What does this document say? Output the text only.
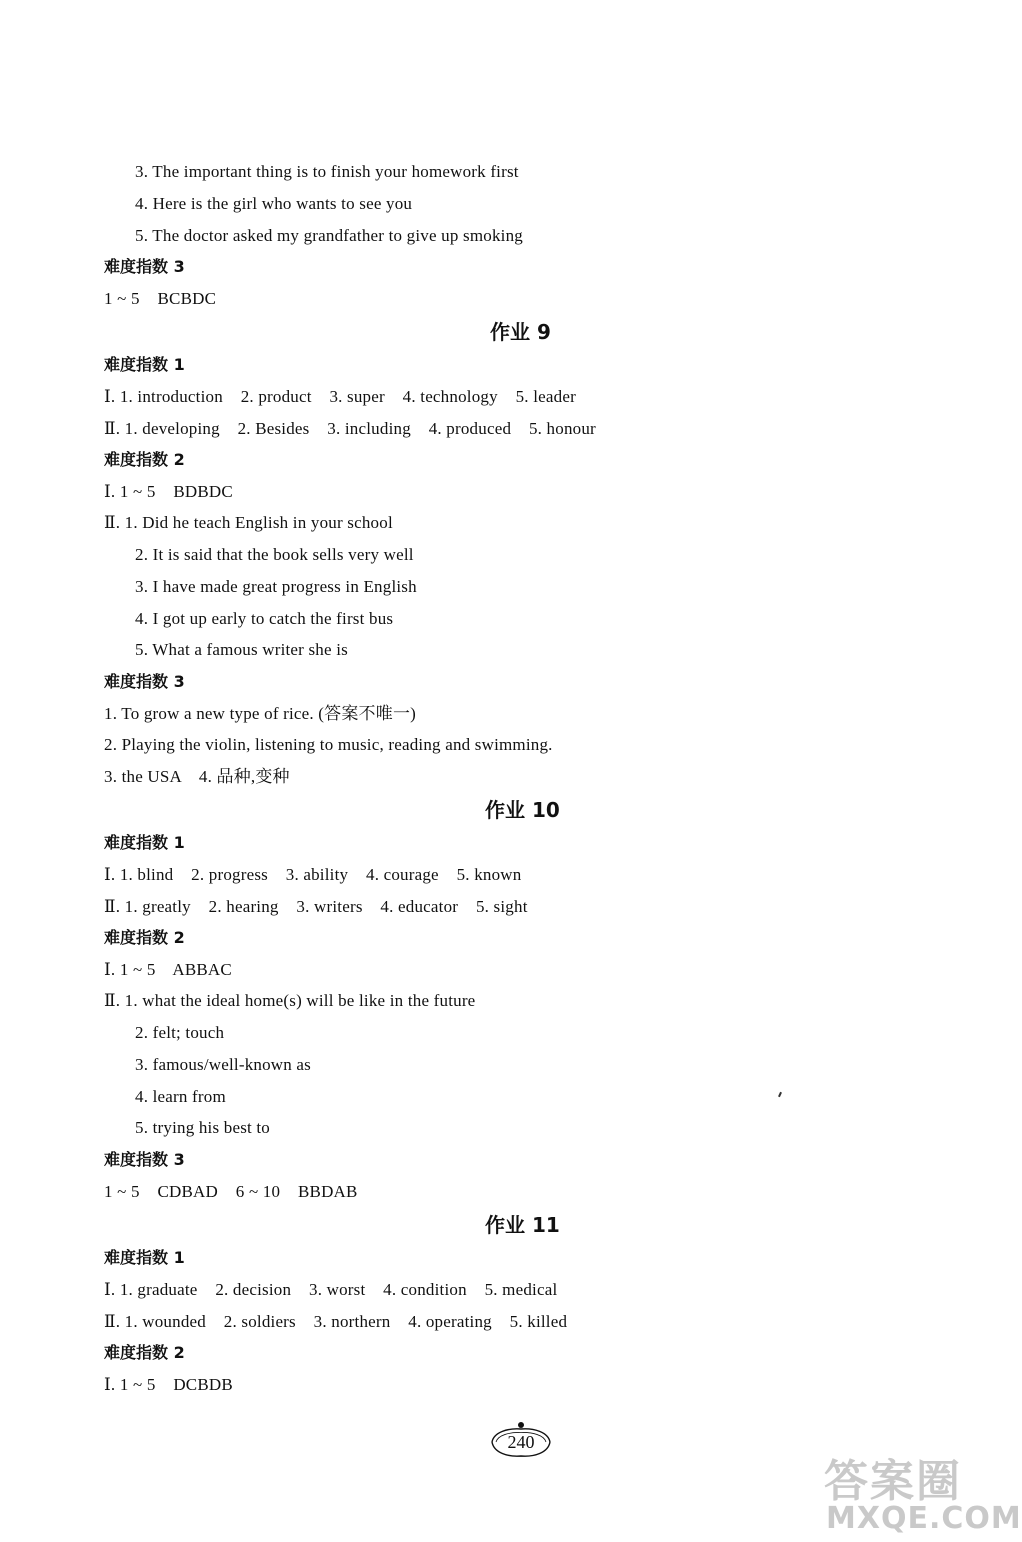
3. The important thing is to finish your homework first
4. Here is the girl who wants to see you
5. The doctor asked my grandfather to give up smoking
难度指数 3
1 ~ 5    BCBDC
作业 9
难度指数 1
Ⅰ. 1. introduction    2. product    3. super    4. technology    5. leader
Ⅱ. 1. developing    2. Besides    3. including    4. produced    5. honour
难度指数 2
Ⅰ. 1 ~ 5    BDBDC
Ⅱ. 1. Did he teach English in your school
2. It is said that the book sells very well
3. I have made great progress in English
4. I got up early to catch the first bus
5. What a famous writer she is
难度指数 3
1. To grow a new type of rice. (答案不唯一)
2. Playing the violin, listening to music, reading and swimming.
3. the USA    4. 品种,变种
作业 10
难度指数 1
Ⅰ. 1. blind    2. progress    3. ability    4. courage    5. known
Ⅱ. 1. greatly    2. hearing    3. writers    4. educator    5. sight
难度指数 2
Ⅰ. 1 ~ 5    ABBAC
Ⅱ. 1. what the ideal home(s) will be like in the future
2. felt; touch
3. famous/well-known as
4. learn from
5. trying his best to
难度指数 3
1 ~ 5    CDBAD    6 ~ 10    BBDAB
作业 11
难度指数 1
Ⅰ. 1. graduate    2. decision    3. worst    4. condition    5. medical
Ⅱ. 1. wounded    2. soldiers    3. northern    4. operating    5. killed
难度指数 2
Ⅰ. 1 ~ 5    DCBDB
240
答案圈
MXQE.COM
